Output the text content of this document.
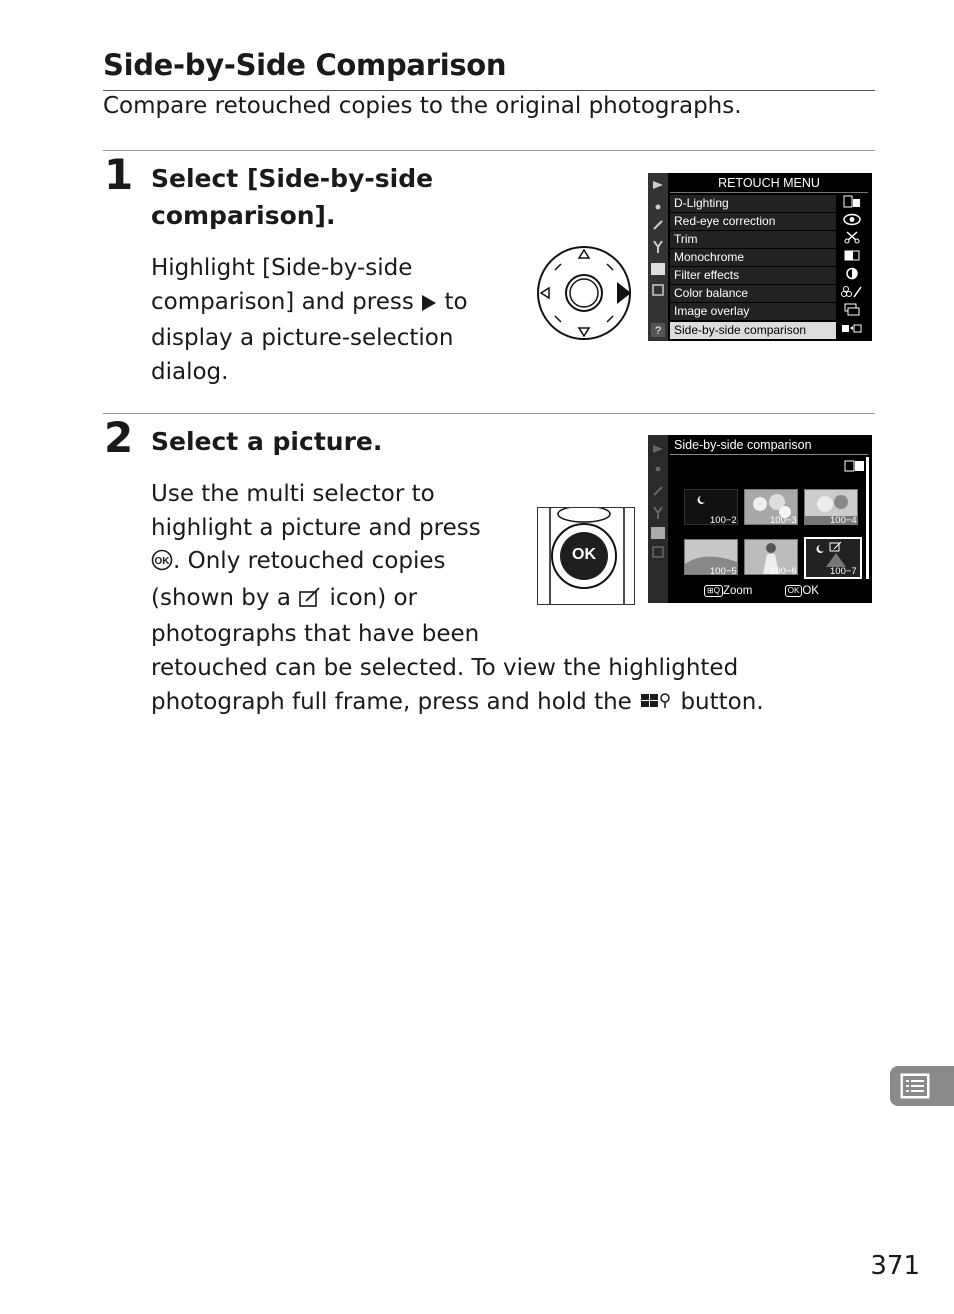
Side-by-Side Comparison
Compare retouched copies to the original photographs.
1 Select [Side-by-side
comparison].
Highlight [Side-by-side
comparison] and press  to
display a picture-selection
dialog.
?
RETOUCH MENU
D-Lighting
Red-eye correction
Trim
Monochrome
Filter effects
Color balance
Image overlay
Side-by-side comparison
2 Select a picture.
Use the multi selector to
highlight a picture and press
OK . Only retouched copies
(shown by a  icon) or
photographs that have been
retouched can be selected. To view the highlighted
photograph full frame, press and hold the  button.
OK
Side-by-side comparison
100−2	100−3	100−4
100−5	100−6	100−7
⊞Q Zoom	OK OK
371
